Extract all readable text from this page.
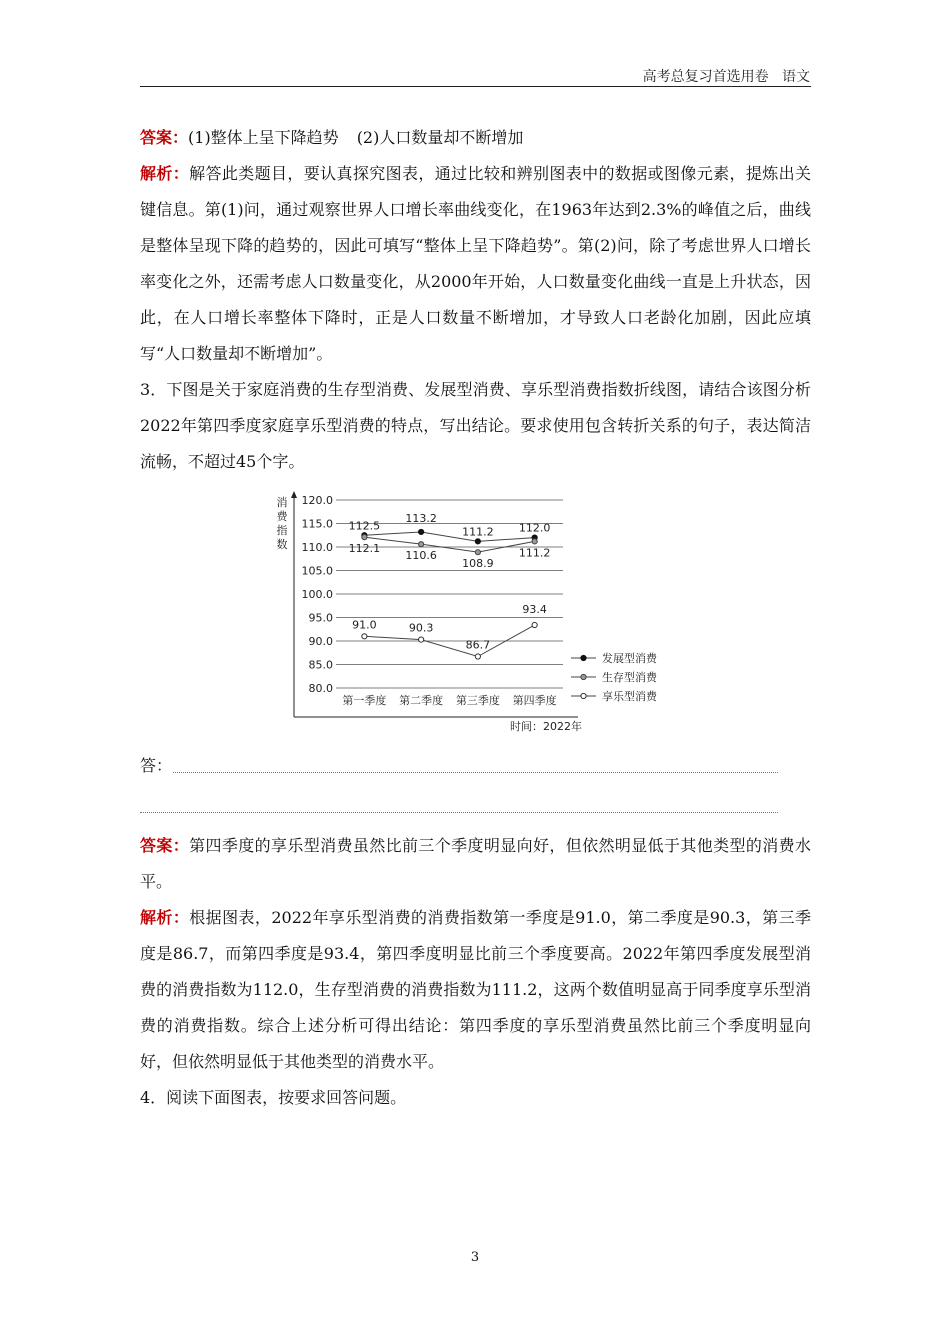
高考总复习首选用卷 语文

答案：(1)整体上呈下降趋势 (2)人口数量却不断增加

解析：解答此类题目，要认真探究图表，通过比较和辨别图表中的数据或图像元素，提炼出关键信息。第(1)问，通过观察世界人口增长率曲线变化，在1963年达到2.3%的峰值之后，曲线是整体呈现下降的趋势的，因此可填写“整体上呈下降趋势”。第(2)问，除了考虑世界人口增长率变化之外，还需考虑人口数量变化，从2000年开始，人口数量变化曲线一直是上升状态，因此，在人口增长率整体下降时，正是人口数量不断增加，才导致人口老龄化加剧，因此应填写“人口数量却不断增加”。

3．下图是关于家庭消费的生存型消费、发展型消费、享乐型消费指数折线图，请结合该图分析2022年第四季度家庭享乐型消费的特点，写出结论。要求使用包含转折关系的句子，表达简洁流畅，不超过45个字。

消
费
指
数
120.0
115.0
110.0
105.0
100.0
95.0
90.0
85.0
80.0
第一季度 第二季度 第三季度 第四季度
时间：2022年
112.5
113.2
111.2 112.0
112.1
110.6
108.9
111.2
91.0	90.3
86.7
93.4
发展型消费
生存型消费
享乐型消费
答：

答案：第四季度的享乐型消费虽然比前三个季度明显向好，但依然明显低于其他类型的消费水平。

解析：根据图表，2022年享乐型消费的消费指数第一季度是91.0，第二季度是90.3，第三季度是86.7，而第四季度是93.4，第四季度明显比前三个季度要高。2022年第四季度发展型消费的消费指数为112.0，生存型消费的消费指数为111.2，这两个数值明显高于同季度享乐型消费的消费指数。综合上述分析可得出结论：第四季度的享乐型消费虽然比前三个季度明显向好，但依然明显低于其他类型的消费水平。

4．阅读下面图表，按要求回答问题。

3
